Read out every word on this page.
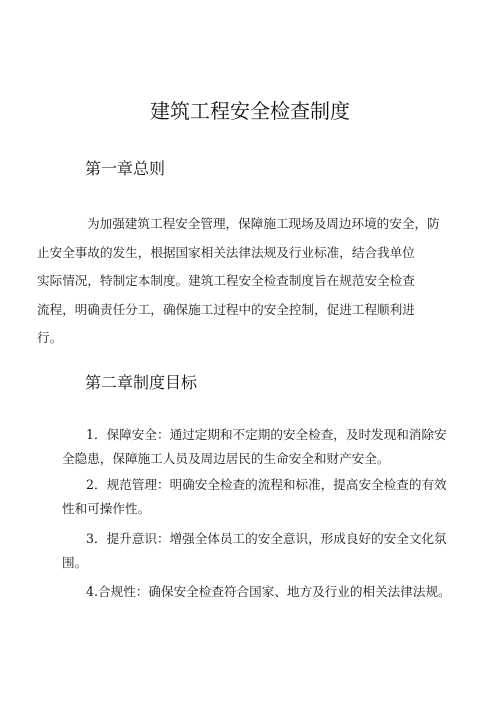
建筑工程安全检查制度
第一章总则
为加强建筑工程安全管理，保障施工现场及周边环境的安全，防
止安全事故的发生，根据国家相关法律法规及行业标准，结合我单位
实际情况，特制定本制度。建筑工程安全检查制度旨在规范安全检查
流程，明确责任分工，确保施工过程中的安全控制，促进工程顺利进
行。
第二章制度目标
1．保障安全：通过定期和不定期的安全检查，及时发现和消除安
全隐患，保障施工人员及周边居民的生命安全和财产安全。
2．规范管理：明确安全检查的流程和标准，提高安全检查的有效
性和可操作性。
3．提升意识：增强全体员工的安全意识，形成良好的安全文化氛
围。
4.合规性：确保安全检查符合国家、地方及行业的相关法律法规。
